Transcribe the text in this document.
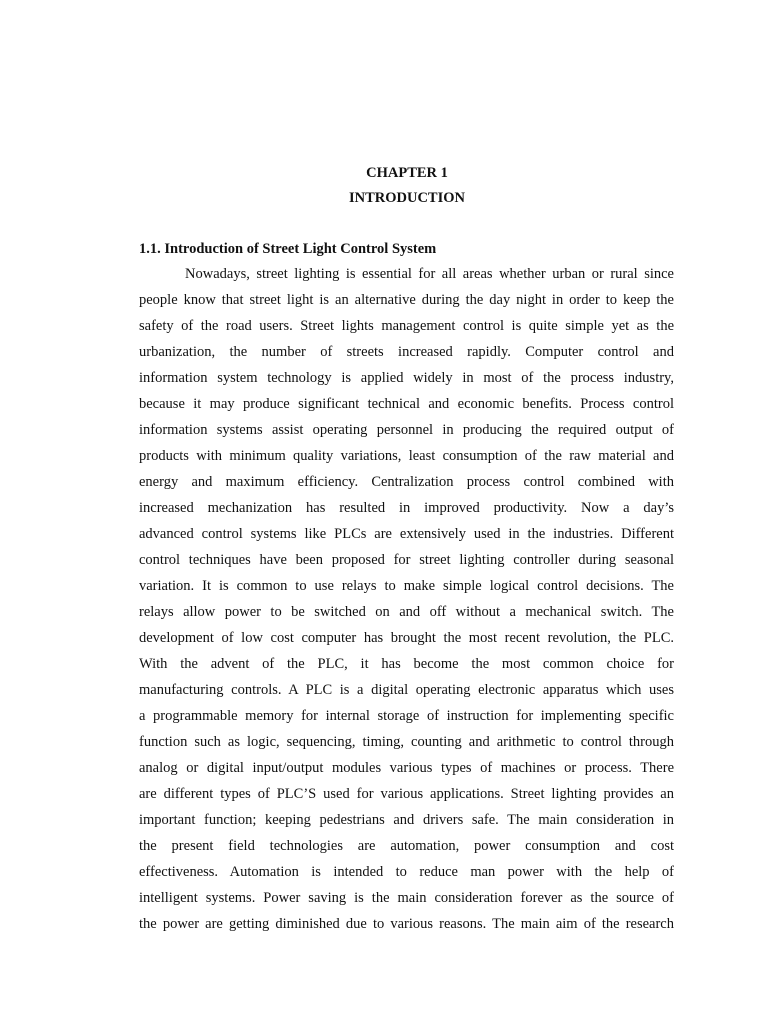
CHAPTER 1
INTRODUCTION
1.1. Introduction of Street Light Control System
Nowadays, street lighting is essential for all areas whether urban or rural since
people know that street light is an alternative during the day night in order to keep the
safety of the road users. Street lights management control is quite simple yet as the
urbanization, the number of streets increased rapidly. Computer control and
information system technology is applied widely in most of the process industry,
because it may produce significant technical and economic benefits. Process control
information systems assist operating personnel in producing the required output of
products with minimum quality variations, least consumption of the raw material and
energy and maximum efficiency. Centralization process control combined with
increased mechanization has resulted in improved productivity. Now a day’s
advanced control systems like PLCs are extensively used in the industries. Different
control techniques have been proposed for street lighting controller during seasonal
variation. It is common to use relays to make simple logical control decisions. The
relays allow power to be switched on and off without a mechanical switch. The
development of low cost computer has brought the most recent revolution, the PLC.
With the advent of the PLC, it has become the most common choice for
manufacturing controls. A PLC is a digital operating electronic apparatus which uses
a programmable memory for internal storage of instruction for implementing specific
function such as logic, sequencing, timing, counting and arithmetic to control through
analog or digital input/output modules various types of machines or process. There
are different types of PLC’S used for various applications. Street lighting provides an
important function; keeping pedestrians and drivers safe. The main consideration in
the present field technologies are automation, power consumption and cost
effectiveness. Automation is intended to reduce man power with the help of
intelligent systems. Power saving is the main consideration forever as the source of
the power are getting diminished due to various reasons. The main aim of the research
